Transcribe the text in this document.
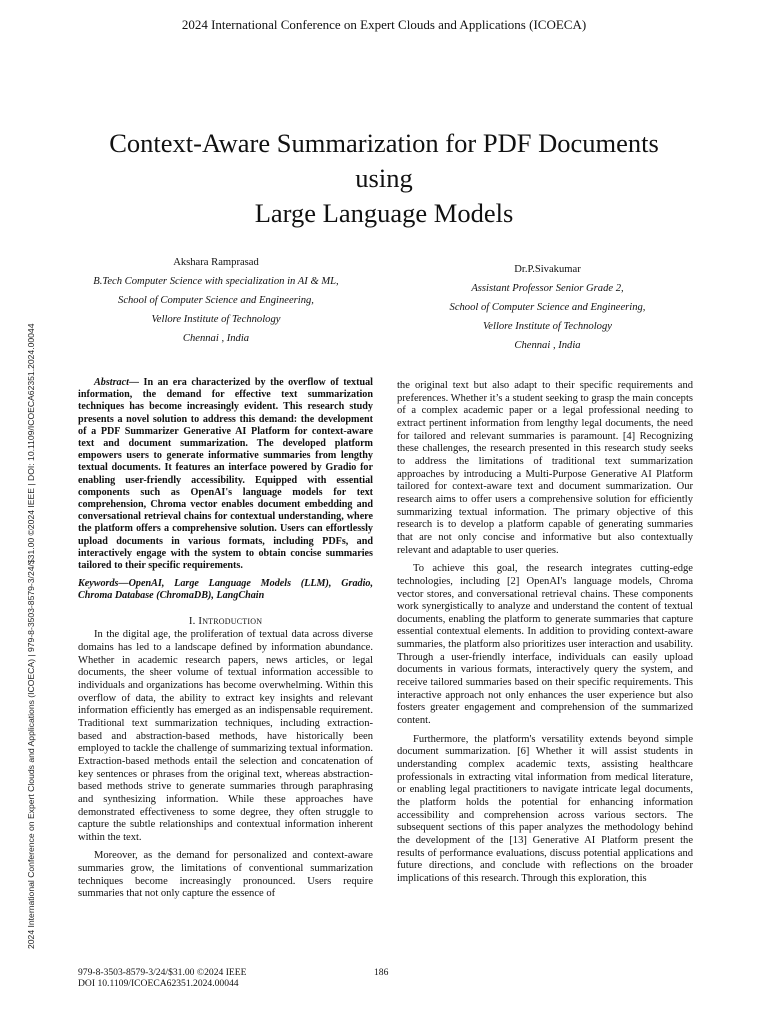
2024 International Conference on Expert Clouds and Applications (ICOECA)
2024 International Conference on Expert Clouds and Applications (ICOECA) | 979-8-3503-8579-3/24/$31.00 ©2024 IEEE | DOI: 10.1109/ICOECA62351.2024.00044
Context-Aware Summarization for PDF Documents
using
Large Language Models
Akshara Ramprasad
B.Tech Computer Science with specialization in AI & ML,
School of Computer Science and Engineering,
Vellore Institute of Technology
Chennai , India
Dr.P.Sivakumar
Assistant Professor Senior Grade 2,
School of Computer Science and Engineering,
Vellore Institute of Technology
Chennai , India

Abstract— In an era characterized by the overflow of textual information, the demand for effective text summarization techniques has become increasingly evident. This research study presents a novel solution to address this demand: the development of a PDF Summarizer Generative AI Platform for context-aware text and document summarization. The developed platform empowers users to generate informative summaries from lengthy textual documents. It features an interface powered by Gradio for enabling user-friendly accessibility. Equipped with essential components such as OpenAI's language models for text comprehension, Chroma vector enables document embedding and conversational retrieval chains for contextual understanding, where the platform offers a comprehensive solution. Users can effortlessly upload documents in various formats, including PDFs, and interactively engage with the system to obtain concise summaries tailored to their specific requirements.

Keywords—OpenAI, Large Language Models (LLM), Gradio, Chroma Database (ChromaDB), LangChain

I. Introduction

In the digital age, the proliferation of textual data across diverse domains has led to a landscape defined by information abundance. Whether in academic research papers, news articles, or legal documents, the sheer volume of textual information accessible to individuals and organizations has become overwhelming. Within this overflow of data, the ability to extract key insights and relevant information efficiently has emerged as an indispensable requirement. Traditional text summarization techniques, including extraction-based and abstraction-based methods, have historically been employed to tackle the challenge of summarizing textual information. Extraction-based methods entail the selection and concatenation of key sentences or phrases from the original text, whereas abstraction-based methods strive to generate summaries through paraphrasing and synthesizing information. While these approaches have demonstrated effectiveness to some degree, they often struggle to capture the subtle relationships and contextual information inherent within the text.

Moreover, as the demand for personalized and context-aware summaries grow, the limitations of conventional summarization techniques become increasingly pronounced. Users require summaries that not only capture the essence of

the original text but also adapt to their specific requirements and preferences. Whether it’s a student seeking to grasp the main concepts of a complex academic paper or a legal professional needing to extract pertinent information from lengthy legal documents, the need for tailored and relevant summaries is paramount. [4] Recognizing these challenges, the research presented in this research study seeks to address the limitations of traditional text summarization approaches by introducing a Multi-Purpose Generative AI Platform tailored for context-aware text and document summarization. Our research aims to offer users a comprehensive solution for efficiently summarizing textual information. The primary objective of this research is to develop a platform capable of generating summaries that are not only concise and informative but also contextually relevant and adaptable to user queries.

To achieve this goal, the research integrates cutting-edge technologies, including [2] OpenAI's language models, Chroma vector stores, and conversational retrieval chains. These components work synergistically to analyze and understand the content of textual documents, enabling the platform to generate summaries that capture essential contextual elements. In addition to providing context-aware summaries, the platform also prioritizes user interaction and usability. Through a user-friendly interface, individuals can easily upload documents in various formats, interactively query the system, and receive tailored summaries based on their specific requirements. This interactive approach not only enhances the user experience but also fosters greater engagement and comprehension of the summarized content.

Furthermore, the platform's versatility extends beyond simple document summarization. [6] Whether it will assist students in understanding complex academic texts, assisting healthcare professionals in extracting vital information from medical literature, or enabling legal practitioners to navigate intricate legal documents, the platform holds the potential for enhancing information accessibility and comprehension across various sectors. The subsequent sections of this paper analyzes the methodology behind the development of the [13] Generative AI Platform present the results of performance evaluations, discuss potential applications and future directions, and conclude with reflections on the broader implications of this research. Through this exploration, this

979-8-3503-8579-3/24/$31.00 ©2024 IEEE
DOI 10.1109/ICOECA62351.2024.00044
186
